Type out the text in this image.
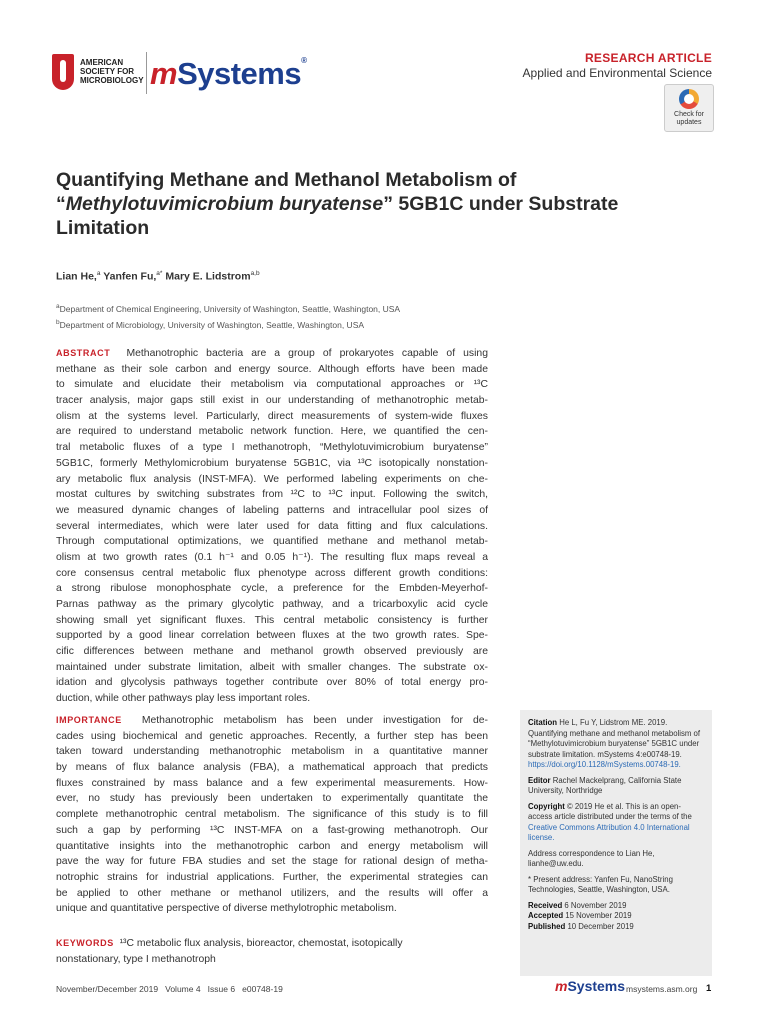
AMERICAN SOCIETY FOR MICROBIOLOGY mSystems®	RESEARCH ARTICLE
Applied and Environmental Science
Check for updates
Quantifying Methane and Methanol Metabolism of
“Methylotuvimicrobium buryatense” 5GB1C under Substrate
Limitation
Lian He,$^a$ Yanfen Fu,$^{a*}$ Mary E. Lidstrom$^{a,b}$
$^a$Department of Chemical Engineering, University of Washington, Seattle, Washington, USA
$^b$Department of Microbiology, University of Washington, Seattle, Washington, USA
ABSTRACT Methanotrophic bacteria are a group of prokaryotes capable of using
methane as their sole carbon and energy source. Although efforts have been made
to simulate and elucidate their metabolism via computational approaches or ¹³C
tracer analysis, major gaps still exist in our understanding of methanotrophic metab-
olism at the systems level. Particularly, direct measurements of system-wide fluxes
are required to understand metabolic network function. Here, we quantified the cen-
tral metabolic fluxes of a type I methanotroph, “Methylotuvimicrobium buryatense”
5GB1C, formerly Methylomicrobium buryatense 5GB1C, via ¹³C isotopically nonstation-
ary metabolic flux analysis (INST-MFA). We performed labeling experiments on che-
mostat cultures by switching substrates from ¹²C to ¹³C input. Following the switch,
we measured dynamic changes of labeling patterns and intracellular pool sizes of
several intermediates, which were later used for data fitting and flux calculations.
Through computational optimizations, we quantified methane and methanol metab-
olism at two growth rates (0.1 h⁻¹ and 0.05 h⁻¹). The resulting flux maps reveal a
core consensus central metabolic flux phenotype across different growth conditions:
a strong ribulose monophosphate cycle, a preference for the Embden-Meyerhof-
Parnas pathway as the primary glycolytic pathway, and a tricarboxylic acid cycle
showing small yet significant fluxes. This central metabolic consistency is further
supported by a good linear correlation between fluxes at the two growth rates. Spe-
cific differences between methane and methanol growth observed previously are
maintained under substrate limitation, albeit with smaller changes. The substrate ox-
idation and glycolysis pathways together contribute over 80% of total energy pro-
duction, while other pathways play less important roles.
IMPORTANCE Methanotrophic metabolism has been under investigation for de-
cades using biochemical and genetic approaches. Recently, a further step has been
taken toward understanding methanotrophic metabolism in a quantitative manner
by means of flux balance analysis (FBA), a mathematical approach that predicts
fluxes constrained by mass balance and a few experimental measurements. How-
ever, no study has previously been undertaken to experimentally quantitate the
complete methanotrophic central metabolism. The significance of this study is to fill
such a gap by performing ¹³C INST-MFA on a fast-growing methanotroph. Our
quantitative insights into the methanotrophic carbon and energy metabolism will
pave the way for future FBA studies and set the stage for rational design of metha-
notrophic strains for industrial applications. Further, the experimental strategies can
be applied to other methane or methanol utilizers, and the results will offer a
unique and quantitative perspective of diverse methylotrophic metabolism.
KEYWORDS ¹³C metabolic flux analysis, bioreactor, chemostat, isotopically
nonstationary, type I methanotroph

Citation He L, Fu Y, Lidstrom ME. 2019. Quantifying methane and methanol metabolism of “Methylotuvimicrobium buryatense” 5GB1C under substrate limitation. mSystems 4:e00748-19. https://doi.org/10.1128/mSystems.00748-19.

Editor Rachel Mackelprang, California State University, Northridge

Copyright © 2019 He et al. This is an open-access article distributed under the terms of the Creative Commons Attribution 4.0 International license.

Address correspondence to Lian He, lianhe@uw.edu.

* Present address: Yanfen Fu, NanoString Technologies, Seattle, Washington, USA.

Received 6 November 2019
Accepted 15 November 2019
Published 10 December 2019
November/December 2019   Volume 4   Issue 6   e00748-19	mSystems msystems.asm.org 1
